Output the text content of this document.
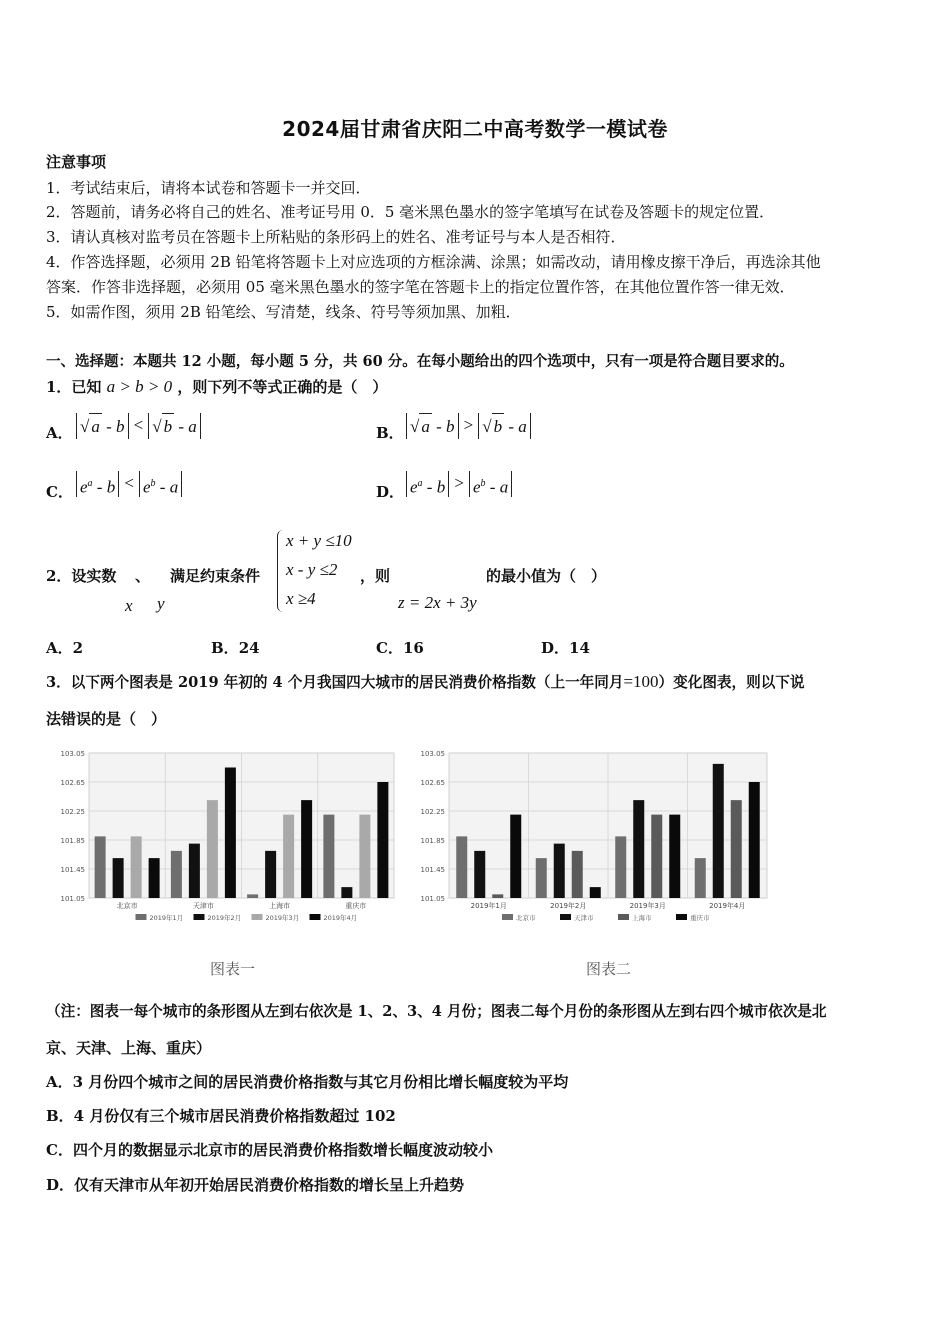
2024届甘肃省庆阳二中高考数学一模试卷
注意事项
1．考试结束后，请将本试卷和答题卡一并交回．
2．答题前，请务必将自己的姓名、准考证号用 0．5 毫米黑色墨水的签字笔填写在试卷及答题卡的规定位置．
3．请认真核对监考员在答题卡上所粘贴的条形码上的姓名、准考证号与本人是否相符．
4．作答选择题，必须用 2B 铅笔将答题卡上对应选项的方框涂满、涂黑；如需改动，请用橡皮擦干净后，再选涂其他
答案．作答非选择题，必须用 05 毫米黑色墨水的签字笔在答题卡上的指定位置作答，在其他位置作答一律无效．
5．如需作图，须用 2B 铅笔绘、写清楚，线条、符号等须加黑、加粗．
一、选择题：本题共 12 小题，每小题 5 分，共 60 分。在每小题给出的四个选项中，只有一项是符合题目要求的。
1．已知 a > b > 0 ，则下列不等式正确的是（　）
A． √ a - b < √ b - a	B． √ a - b > √ b - a
C． $e^a - b < e^b - a$	D． $e^a - b > e^b - a$
2．设实数 、 满足约束条件
x y
x + y ≤10
x - y ≤2
x ≥4
，则
z = 2x + 3y
的最小值为（　）
A．2	B．24	C．16	D．14
3．以下两个图表是 2019 年初的 4 个月我国四大城市的居民消费价格指数（上一年同月=100）变化图表，则以下说
法错误的是（　）
103.05
102.65
102.25
101.85
101.45
101.05
北京市	天津市	上海市	重庆市
2019年1月	2019年2月	2019年3月	2019年4月
103.05
102.65
102.25
101.85
101.45
101.05
2019年1月	2019年2月	2019年3月	2019年4月
北京市	天津市	上海市	重庆市
图表一	图表二
（注：图表一每个城市的条形图从左到右依次是 1、2、3、4 月份；图表二每个月份的条形图从左到右四个城市依次是北
京、天津、上海、重庆）
A．3 月份四个城市之间的居民消费价格指数与其它月份相比增长幅度较为平均
B．4 月份仅有三个城市居民消费价格指数超过 102
C．四个月的数据显示北京市的居民消费价格指数增长幅度波动较小
D．仅有天津市从年初开始居民消费价格指数的增长呈上升趋势
